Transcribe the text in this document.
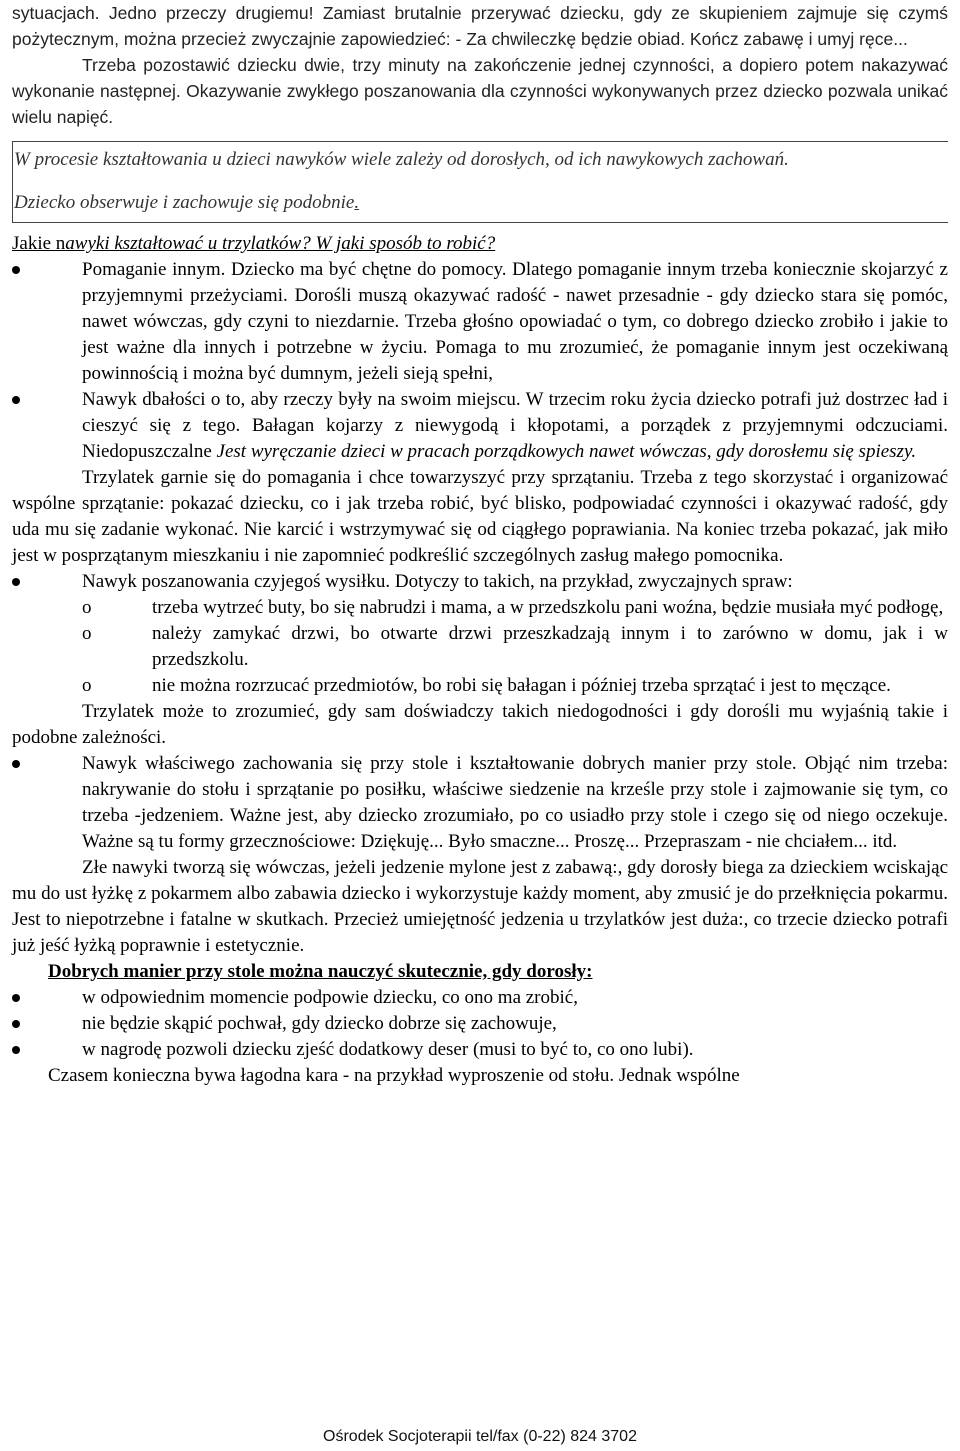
sytuacjach. Jedno przeczy drugiemu! Zamiast brutalnie przerywać dziecku, gdy ze skupieniem zajmuje się czymś pożytecznym, można przecież zwyczajnie zapowiedzieć: - Za chwileczkę będzie obiad. Kończ zabawę i umyj ręce...

Trzeba pozostawić dziecku dwie, trzy minuty na zakończenie jednej czynności, a dopiero potem nakazywać wykonanie następnej. Okazywanie zwykłego poszanowania dla czynności wykonywanych przez dziecko pozwala unikać wielu napięć.

W procesie kształtowania u dzieci nawyków wiele zależy od dorosłych, od ich nawykowych zachowań.

Dziecko obserwuje i zachowuje się podobnie.

Jakie nawyki kształtować u trzylatków? W jaki sposób to robić?

Pomaganie innym. Dziecko ma być chętne do pomocy. Dlatego pomaganie innym trzeba koniecznie skojarzyć z przyjemnymi przeżyciami. Dorośli muszą okazywać radość - nawet przesadnie - gdy dziecko stara się pomóc, nawet wówczas, gdy czyni to niezdarnie. Trzeba głośno opowiadać o tym, co dobrego dziecko zrobiło i jakie to jest ważne dla innych i potrzebne w życiu. Pomaga to mu zrozumieć, że pomaganie innym jest oczekiwaną powinnością i można być dumnym, jeżeli sieją spełni,

Nawyk dbałości o to, aby rzeczy były na swoim miejscu. W trzecim roku życia dziecko potrafi już dostrzec ład i cieszyć się z tego. Bałagan kojarzy z niewygodą i kłopotami, a porządek z przyjemnymi odczuciami. Niedopuszczalne Jest wyręczanie dzieci w pracach porządkowych nawet wówczas, gdy dorosłemu się spieszy.

Trzylatek garnie się do pomagania i chce towarzyszyć przy sprzątaniu. Trzeba z tego skorzystać i organizować wspólne sprzątanie: pokazać dziecku, co i jak trzeba robić, być blisko, podpowiadać czynności i okazywać radość, gdy uda mu się zadanie wykonać. Nie karcić i wstrzymywać się od ciągłego poprawiania. Na koniec trzeba pokazać, jak miło jest w posprzątanym mieszkaniu i nie zapomnieć podkreślić szczególnych zasług małego pomocnika.

Nawyk poszanowania czyjegoś wysiłku. Dotyczy to takich, na przykład, zwyczajnych spraw:

o	trzeba wytrzeć buty, bo się nabrudzi i mama, a w przedszkolu pani woźna, będzie musiała myć podłogę,

o	należy zamykać drzwi, bo otwarte drzwi przeszkadzają innym i to zarówno w domu, jak i w przedszkolu.

o	nie można rozrzucać przedmiotów, bo robi się bałagan i później trzeba sprzątać i jest to męczące.

Trzylatek może to zrozumieć, gdy sam doświadczy takich niedogodności i gdy dorośli mu wyjaśnią takie i podobne zależności.

Nawyk właściwego zachowania się przy stole i kształtowanie dobrych manier przy stole. Objąć nim trzeba: nakrywanie do stołu i sprzątanie po posiłku, właściwe siedzenie na krześle przy stole i zajmowanie się tym, co trzeba -jedzeniem. Ważne jest, aby dziecko zrozumiało, po co usiadło przy stole i czego się od niego oczekuje. Ważne są tu formy grzecznościowe: Dziękuję... Było smaczne... Proszę... Przepraszam - nie chciałem... itd.

Złe nawyki tworzą się wówczas, jeżeli jedzenie mylone jest z zabawą:, gdy dorosły biega za dzieckiem wciskając mu do ust łyżkę z pokarmem albo zabawia dziecko i wykorzystuje każdy moment, aby zmusić je do przełknięcia pokarmu. Jest to niepotrzebne i fatalne w skutkach. Przecież umiejętność jedzenia u trzylatków jest duża:, co trzecie dziecko potrafi już jeść łyżką poprawnie i estetycznie.

Dobrych manier przy stole można nauczyć skutecznie, gdy dorosły:

w odpowiednim momencie podpowie dziecku, co ono ma zrobić,

nie będzie skąpić pochwał, gdy dziecko dobrze się zachowuje,

w nagrodę pozwoli dziecku zjeść dodatkowy deser (musi to być to, co ono lubi).

Czasem konieczna bywa łagodna kara - na przykład wyproszenie od stołu. Jednak wspólne

Ośrodek Socjoterapii tel/fax (0-22) 824 3702
